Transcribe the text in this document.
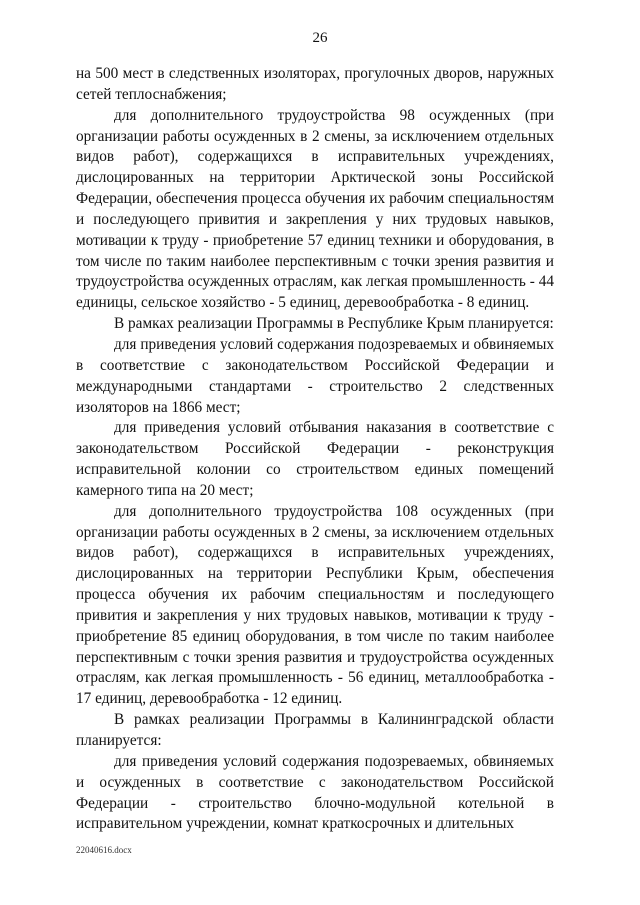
26

на 500 мест в следственных изоляторах, прогулочных дворов, наружных сетей теплоснабжения;

для дополнительного трудоустройства 98 осужденных (при организации работы осужденных в 2 смены, за исключением отдельных видов работ), содержащихся в исправительных учреждениях, дислоцированных на территории Арктической зоны Российской Федерации, обеспечения процесса обучения их рабочим специальностям и последующего привития и закрепления у них трудовых навыков, мотивации к труду - приобретение 57 единиц техники и оборудования, в том числе по таким наиболее перспективным с точки зрения развития и трудоустройства осужденных отраслям, как легкая промышленность - 44 единицы, сельское хозяйство - 5 единиц, деревообработка - 8 единиц.

В рамках реализации Программы в Республике Крым планируется:

для приведения условий содержания подозреваемых и обвиняемых в соответствие с законодательством Российской Федерации и международными стандартами - строительство 2 следственных изоляторов на 1866 мест;

для приведения условий отбывания наказания в соответствие с законодательством Российской Федерации - реконструкция исправительной колонии со строительством единых помещений камерного типа на 20 мест;

для дополнительного трудоустройства 108 осужденных (при организации работы осужденных в 2 смены, за исключением отдельных видов работ), содержащихся в исправительных учреждениях, дислоцированных на территории Республики Крым, обеспечения процесса обучения их рабочим специальностям и последующего привития и закрепления у них трудовых навыков, мотивации к труду - приобретение 85 единиц оборудования, в том числе по таким наиболее перспективным с точки зрения развития и трудоустройства осужденных отраслям, как легкая промышленность - 56 единиц, металлообработка - 17 единиц, деревообработка - 12 единиц.

В рамках реализации Программы в Калининградской области планируется:

для приведения условий содержания подозреваемых, обвиняемых и осужденных в соответствие с законодательством Российской Федерации - строительство блочно-модульной котельной в исправительном учреждении, комнат краткосрочных и длительных

22040616.docx
